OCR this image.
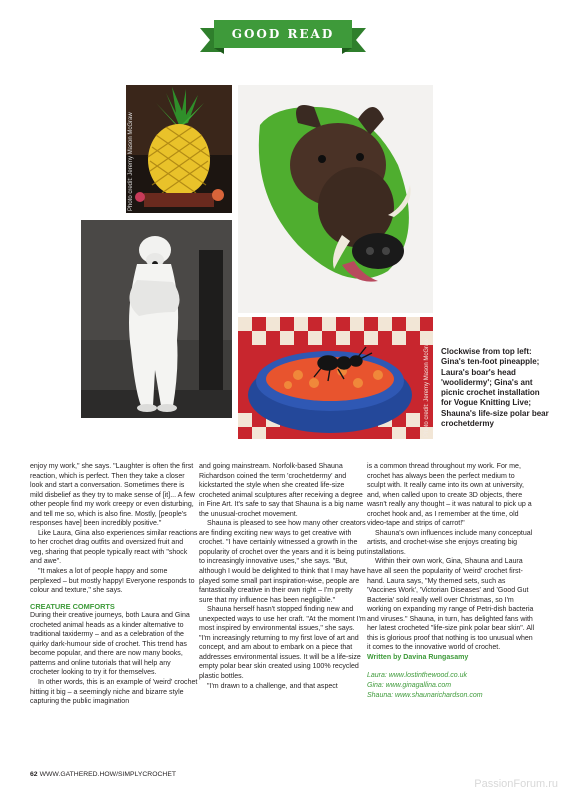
GOOD READ
Photo credit: Jeremy Mason McGraw
Photo credit: Jeremy Mason McGraw Clockwise from top left: Gina's ten-foot pineapple; Laura's boar's head 'woolidermy'; Gina's ant picnic crochet installation for Vogue Knitting Live; Shauna's life-size polar bear crochetdermy

enjoy my work," she says. "Laughter is often the first reaction, which is perfect. Then they take a closer look and start a conversation. Sometimes there is mild disbelief as they try to make sense of [it]... A few other people find my work creepy or even disturbing, and tell me so, which is also fine. Mostly, [people's responses have] been incredibly positive."

Like Laura, Gina also experiences similar reactions to her crochet drag outfits and oversized fruit and veg, sharing that people typically react with "shock and awe".

"It makes a lot of people happy and some perplexed – but mostly happy! Everyone responds to colour and texture," she says.

CREATURE COMFORTS

During their creative journeys, both Laura and Gina crocheted animal heads as a kinder alternative to traditional taxidermy – and as a celebration of the quirky dark-humour side of crochet. This trend has become popular, and there are now many books, patterns and online tutorials that will help any crocheter looking to try it for themselves.

In other words, this is an example of 'weird' crochet hitting it big – a seemingly niche and bizarre style capturing the public imagination

and going mainstream. Norfolk-based Shauna Richardson coined the term 'crochetdermy' and kickstarted the style when she created life-size crocheted animal sculptures after receiving a degree in Fine Art. It's safe to say that Shauna is a big name the unusual-crochet movement.

Shauna is pleased to see how many other creators are finding exciting new ways to get creative with crochet. "I have certainly witnessed a growth in the popularity of crochet over the years and it is being put to increasingly innovative uses," she says. "But, although I would be delighted to think that I may have played some small part inspiration-wise, people are fantastically creative in their own right – I'm pretty sure that my influence has been negligible."

Shauna herself hasn't stopped finding new and unexpected ways to use her craft. "At the moment I'm most inspired by environmental issues," she says. "I'm increasingly returning to my first love of art and concept, and am about to embark on a piece that addresses environmental issues. It will be a life-size empty polar bear skin created using 100% recycled plastic bottles.

"I'm drawn to a challenge, and that aspect

is a common thread throughout my work. For me, crochet has always been the perfect medium to sculpt with. It really came into its own at university, and, when called upon to create 3D objects, there wasn't really any thought – it was natural to pick up a crochet hook and, as I remember at the time, old video-tape and strips of carrot!"

Shauna's own influences include many conceptual artists, and crochet-wise she enjoys creating big installations.

Within their own work, Gina, Shauna and Laura have all seen the popularity of 'weird' crochet first-hand. Laura says, "My themed sets, such as 'Vaccines Work', 'Victorian Diseases' and 'Good Gut Bacteria' sold really well over Christmas, so I'm working on expanding my range of Petri-dish bacteria and viruses." Shauna, in turn, has delighted fans with her latest crocheted "life-size pink polar bear skin". All this is glorious proof that nothing is too unusual when it comes to the innovative world of crochet.

Written by Davina Rungasamy

Laura: www.lostinthewood.co.uk
Gina: www.ginagallina.com
Shauna: www.shaunarichardson.com
62 WWW.GATHERED.HOW/SIMPLYCROCHET
PassionForum.ru
